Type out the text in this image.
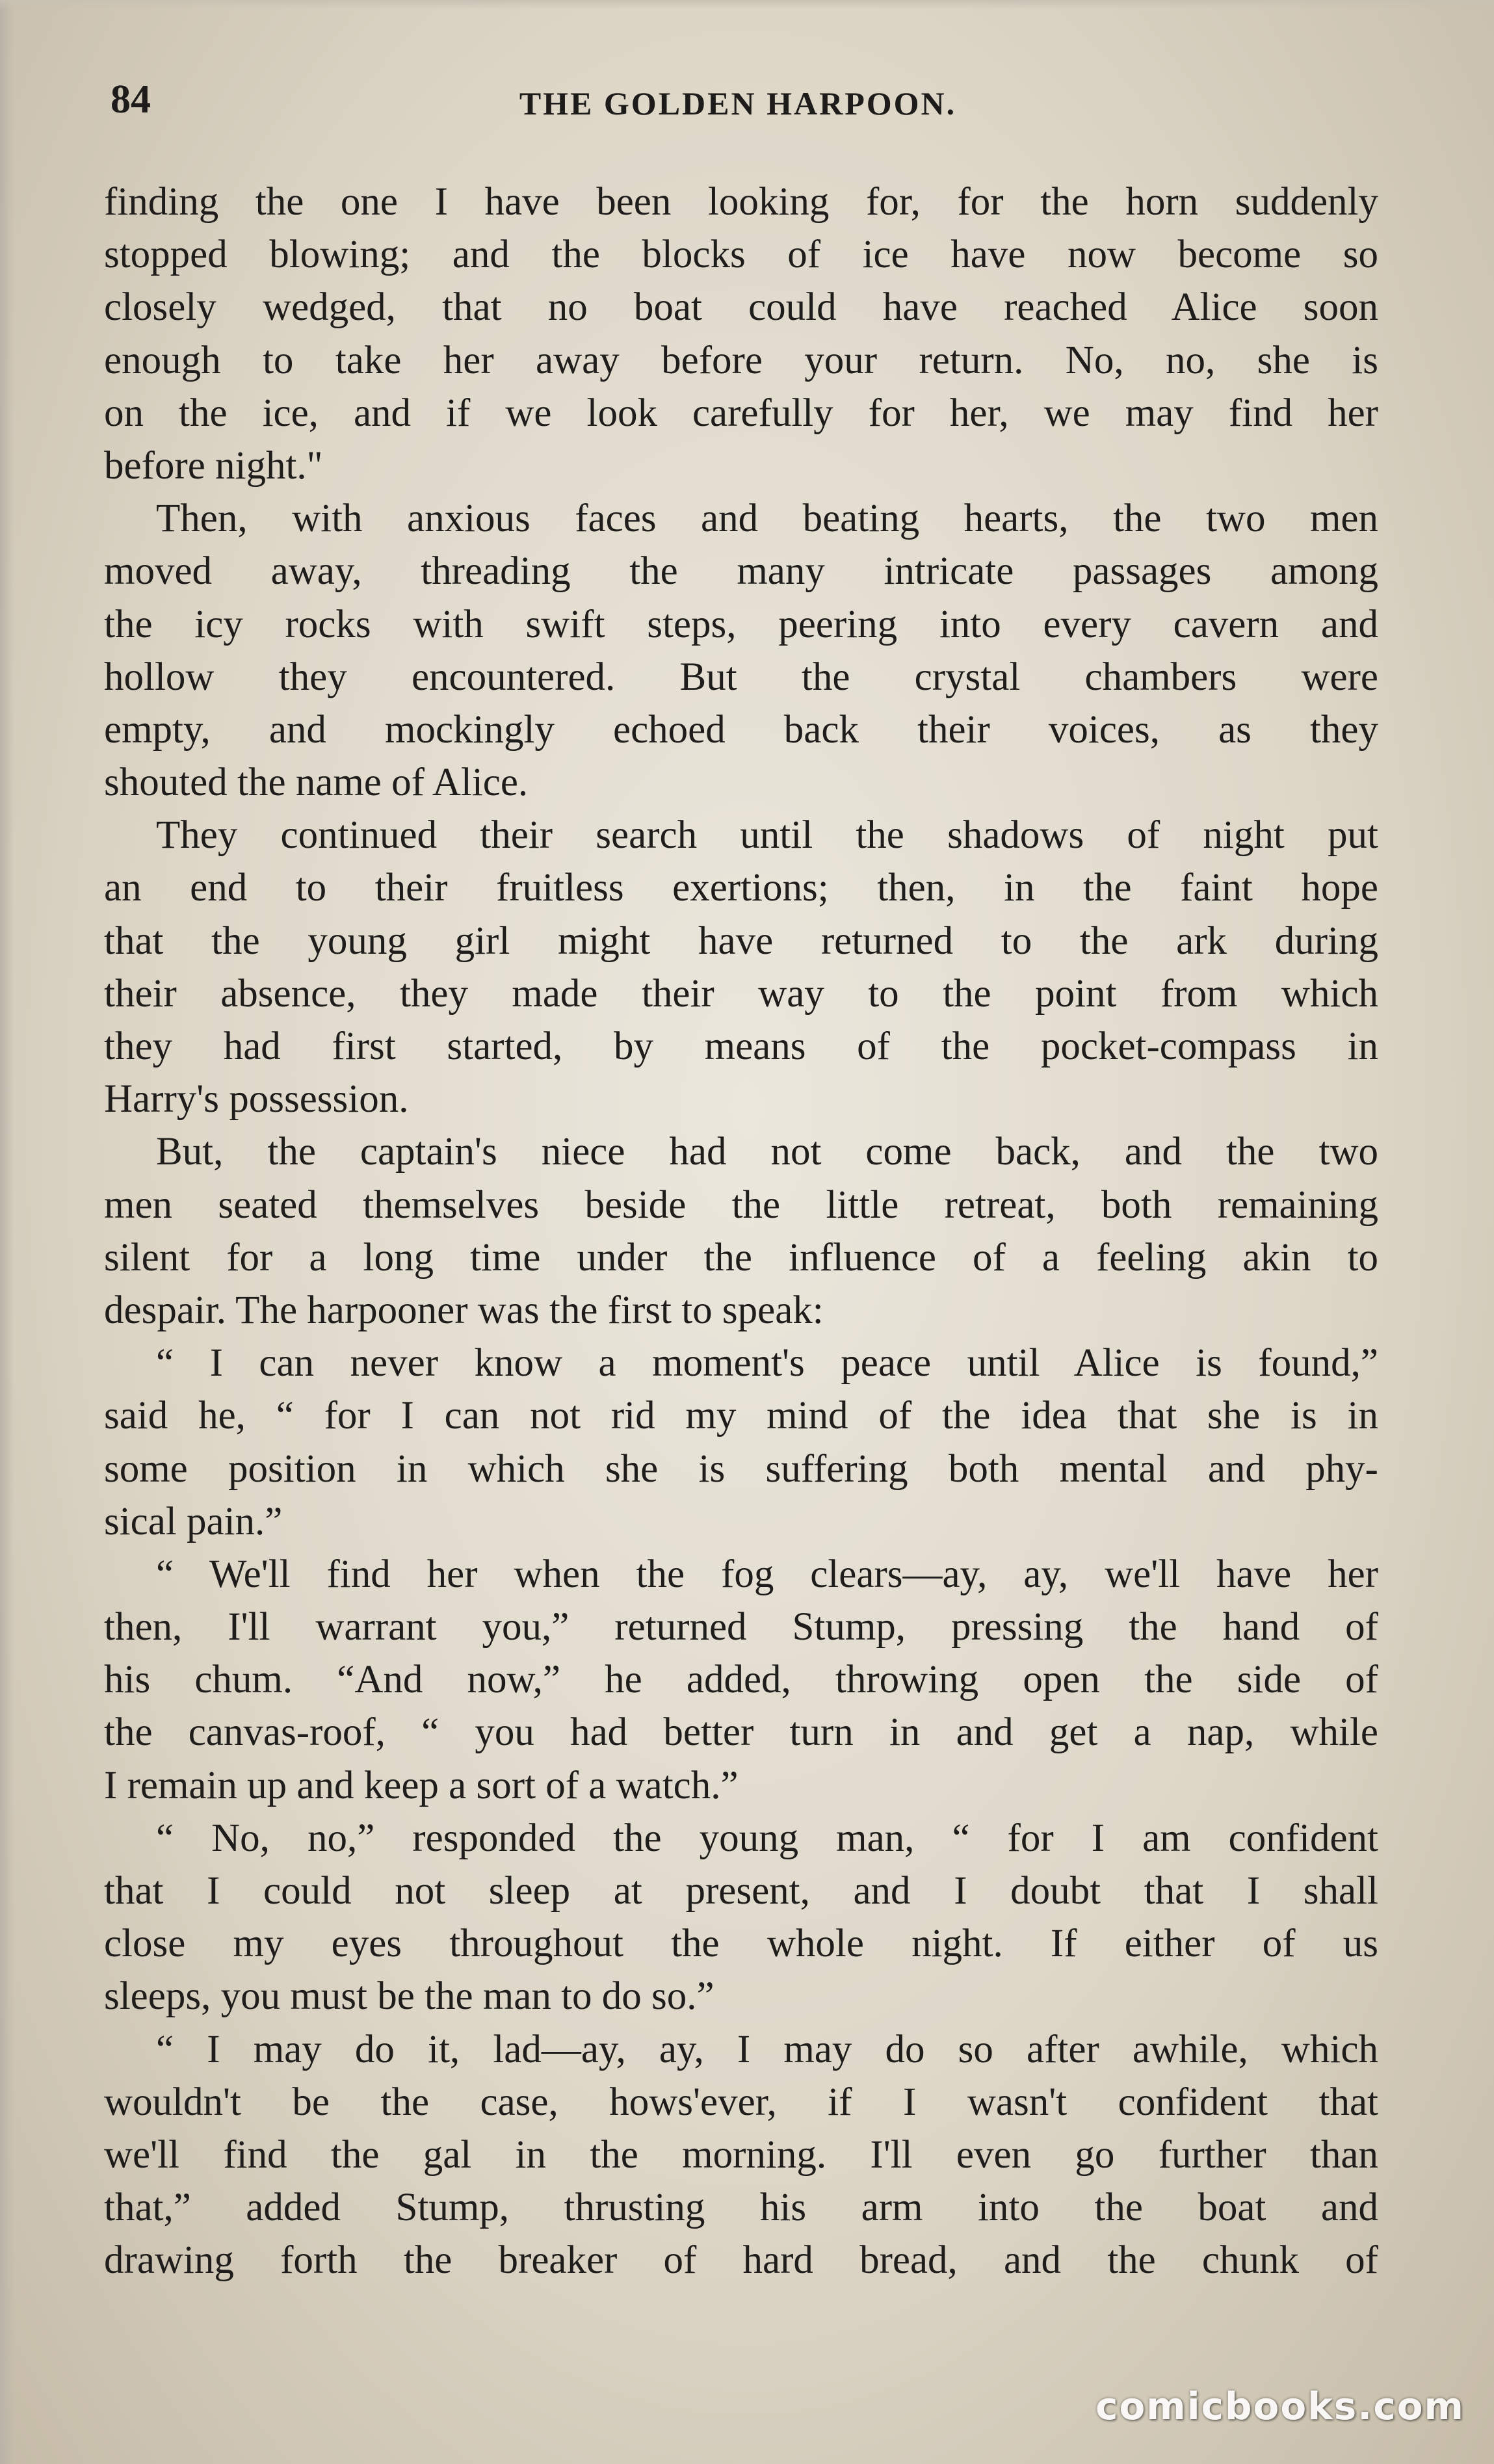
84	THE GOLDEN HARPOON.
finding the one I have been looking for, for the horn suddenly
stopped blowing; and the blocks of ice have now become so
closely wedged, that no boat could have reached Alice soon
enough to take her away before your return. No, no, she is
on the ice, and if we look carefully for her, we may find her
before night."
Then, with anxious faces and beating hearts, the two men
moved away, threading the many intricate passages among
the icy rocks with swift steps, peering into every cavern and
hollow they encountered. But the crystal chambers were
empty, and mockingly echoed back their voices, as they
shouted the name of Alice.
They continued their search until the shadows of night put
an end to their fruitless exertions; then, in the faint hope
that the young girl might have returned to the ark during
their absence, they made their way to the point from which
they had first started, by means of the pocket-compass in
Harry's possession.
But, the captain's niece had not come back, and the two
men seated themselves beside the little retreat, both remaining
silent for a long time under the influence of a feeling akin to
despair. The harpooner was the first to speak:
“ I can never know a moment's peace until Alice is found,”
said he, “ for I can not rid my mind of the idea that she is in
some position in which she is suffering both mental and phy-
sical pain.”
“ We'll find her when the fog clears—ay, ay, we'll have her
then, I'll warrant you,” returned Stump, pressing the hand of
his chum. “And now,” he added, throwing open the side of
the canvas-roof, “ you had better turn in and get a nap, while
I remain up and keep a sort of a watch.”
“ No, no,” responded the young man, “ for I am confident
that I could not sleep at present, and I doubt that I shall
close my eyes throughout the whole night. If either of us
sleeps, you must be the man to do so.”
“ I may do it, lad—ay, ay, I may do so after awhile, which
wouldn't be the case, hows'ever, if I wasn't confident that
we'll find the gal in the morning. I'll even go further than
that,” added Stump, thrusting his arm into the boat and
drawing forth the breaker of hard bread, and the chunk of
comicbooks.com
